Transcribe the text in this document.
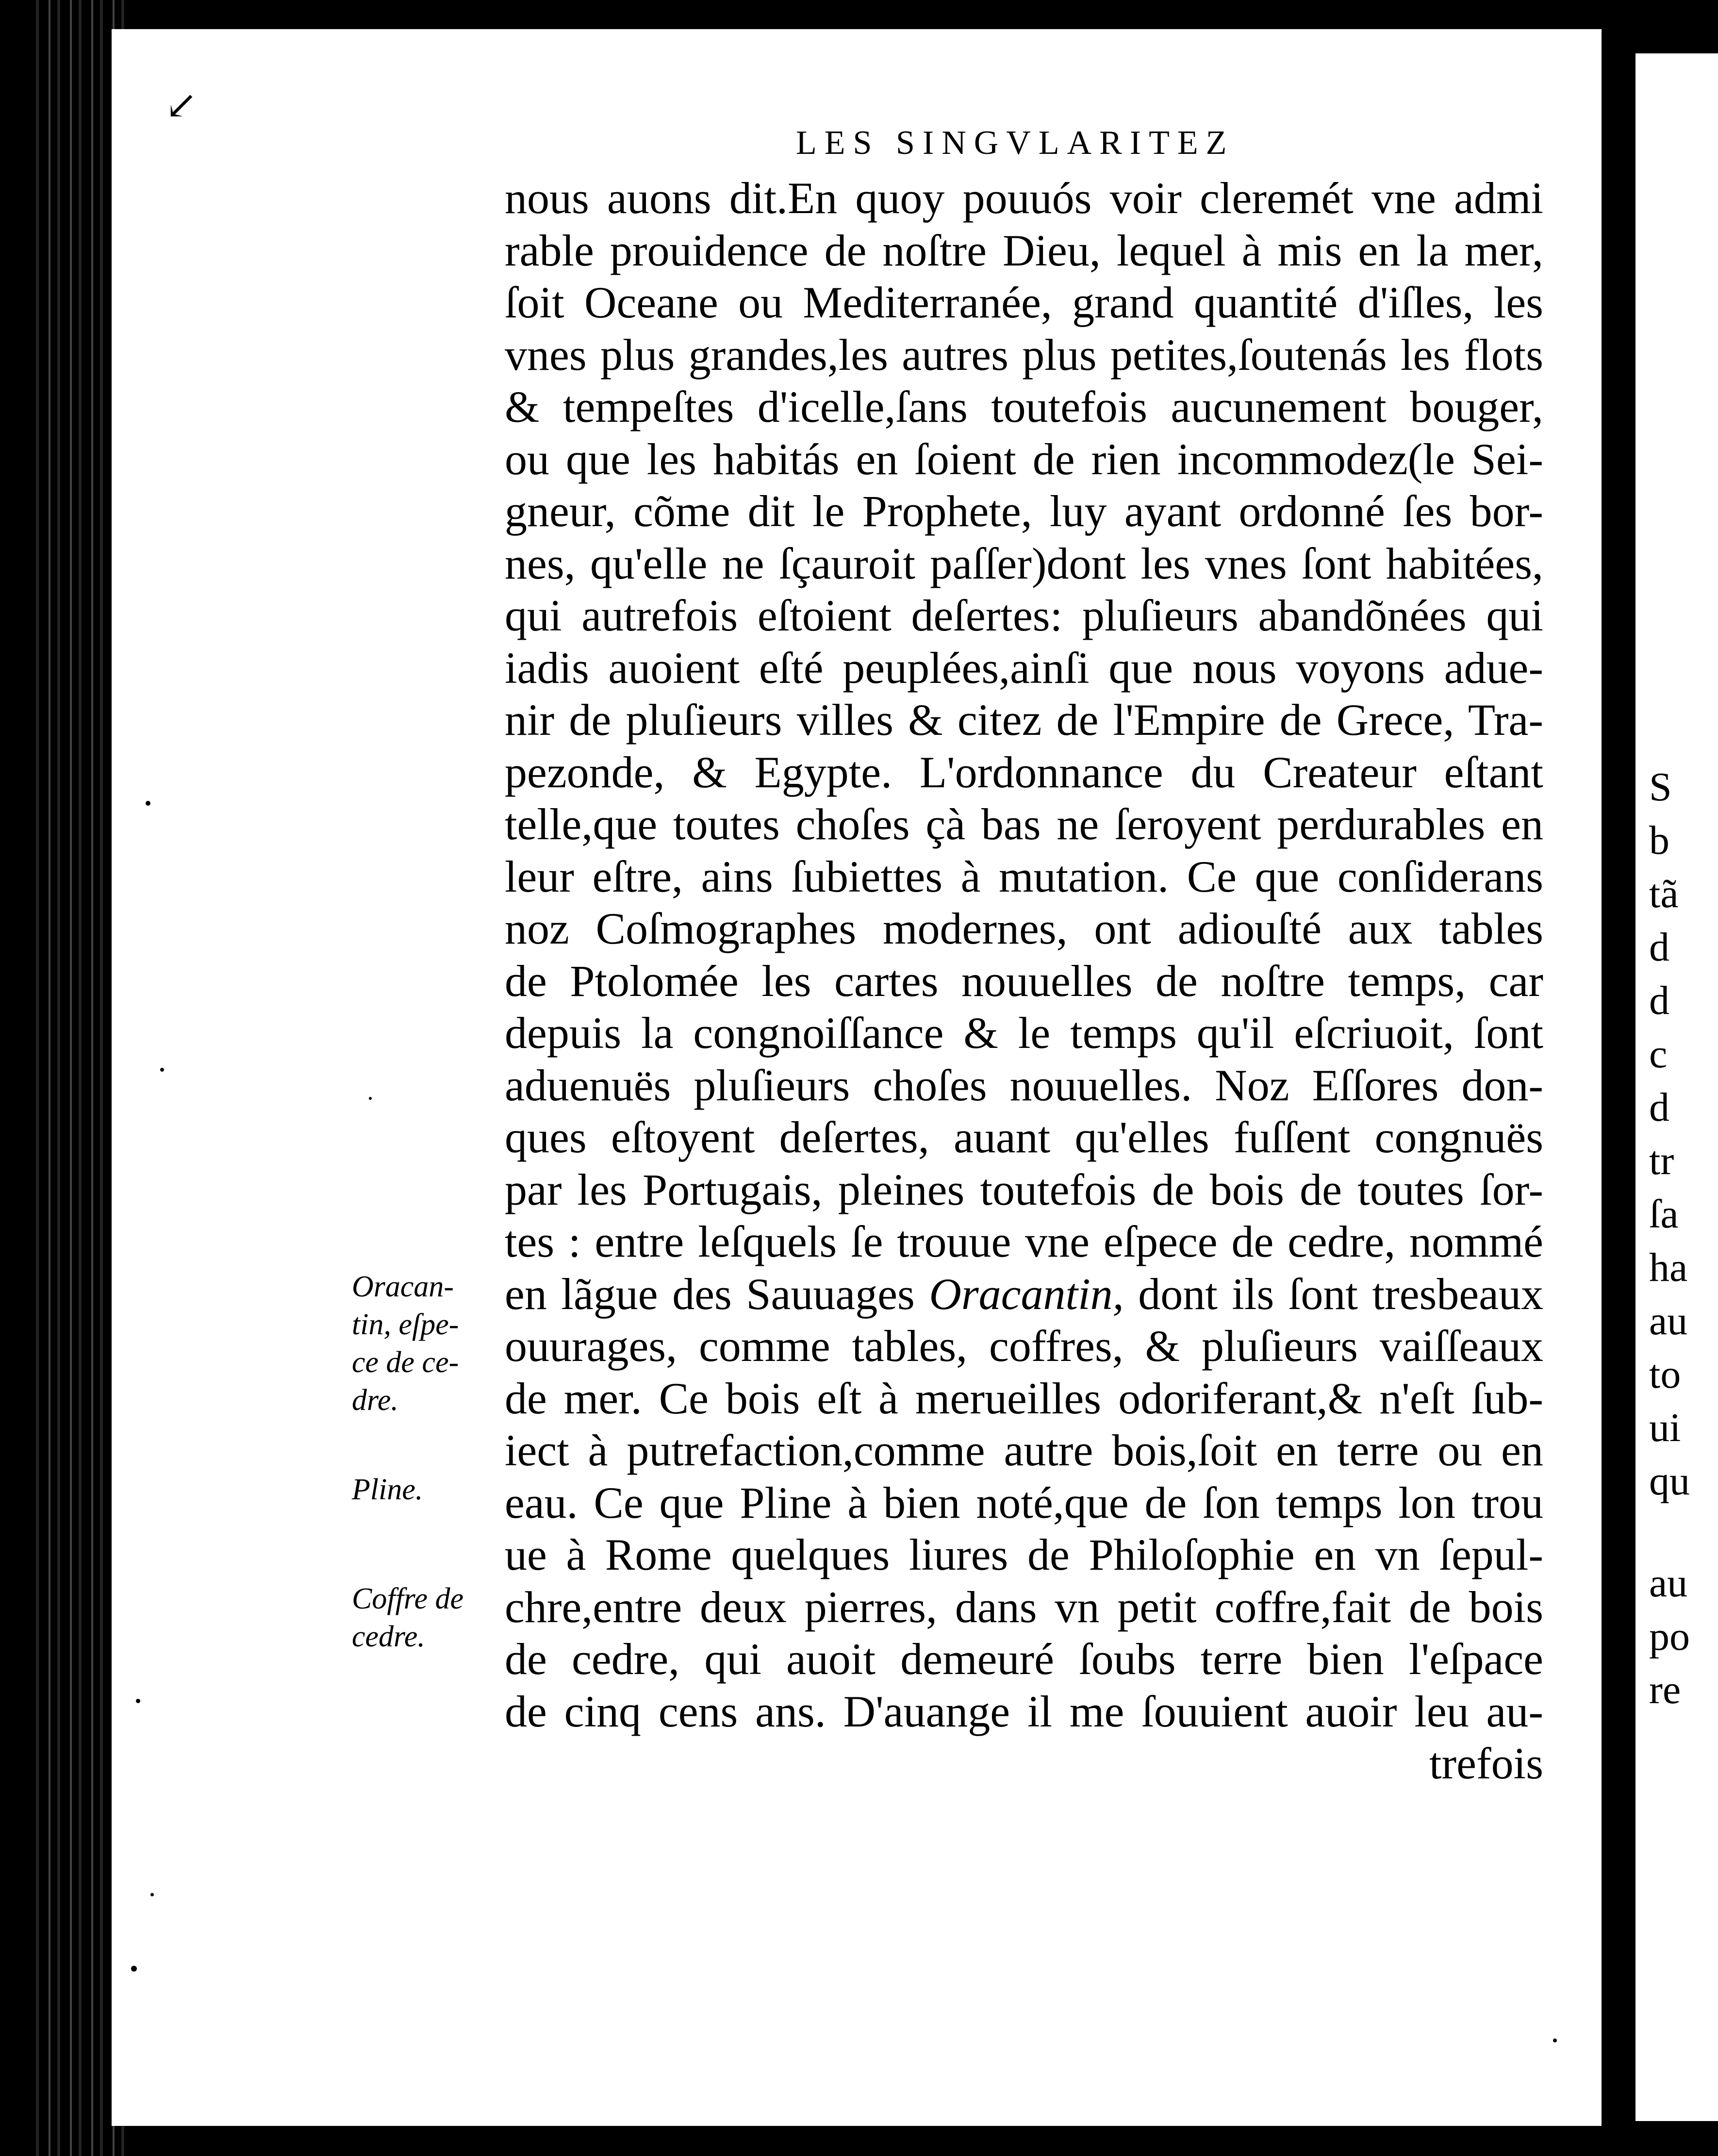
S
b
tã
d
d
c
d
tr
ſa
ha
au
to
ui
qu
au
po
re
↙
LES SINGVLARITEZ
nous auons dit.En quoy pouuós voir cleremét vne admi
rable prouidence de noſtre Dieu, lequel à mis en la mer,
ſoit Oceane ou Mediterranée, grand quantité d'iſles, les
vnes plus grandes,les autres plus petites,ſoutenás les flots
& tempeſtes d'icelle,ſans toutefois aucunement bouger,
ou que les habitás en ſoient de rien incommodez(le Sei-
gneur, cõme dit le Prophete, luy ayant ordonné ſes bor-
nes, qu'elle ne ſçauroit paſſer)dont les vnes ſont habitées,
qui autrefois eſtoient deſertes: pluſieurs abandõnées qui
iadis auoient eſté peuplées,ainſi que nous voyons adue-
nir de pluſieurs villes & citez de l'Empire de Grece, Tra-
pezonde, & Egypte. L'ordonnance du Createur eſtant
telle,que toutes choſes çà bas ne ſeroyent perdurables en
leur eſtre, ains ſubiettes à mutation. Ce que conſiderans
noz Coſmographes modernes, ont adiouſté aux tables
de Ptolomée les cartes nouuelles de noſtre temps, car
depuis la congnoiſſance & le temps qu'il eſcriuoit, ſont
aduenuës pluſieurs choſes nouuelles. Noz Eſſores don-
ques eſtoyent deſertes, auant qu'elles fuſſent congnuës
par les Portugais, pleines toutefois de bois de toutes ſor-
tes : entre leſquels ſe trouue vne eſpece de cedre, nommé
en lãgue des Sauuages Oracantin, dont ils ſont tresbeaux
ouurages, comme tables, coffres, & pluſieurs vaiſſeaux
de mer. Ce bois eſt à merueilles odoriferant,& n'eſt ſub-
iect à putrefaction,comme autre bois,ſoit en terre ou en
eau. Ce que Pline à bien noté,que de ſon temps lon trou
ue à Rome quelques liures de Philoſophie en vn ſepul-
chre,entre deux pierres, dans vn petit coffre,fait de bois
de cedre, qui auoit demeuré ſoubs terre bien l'eſpace
de cinq cens ans. D'auange il me ſouuient auoir leu au-
trefois
Oracan-
tin, eſpe-
ce de ce-
dre.
Pline.
Coffre de
cedre.
